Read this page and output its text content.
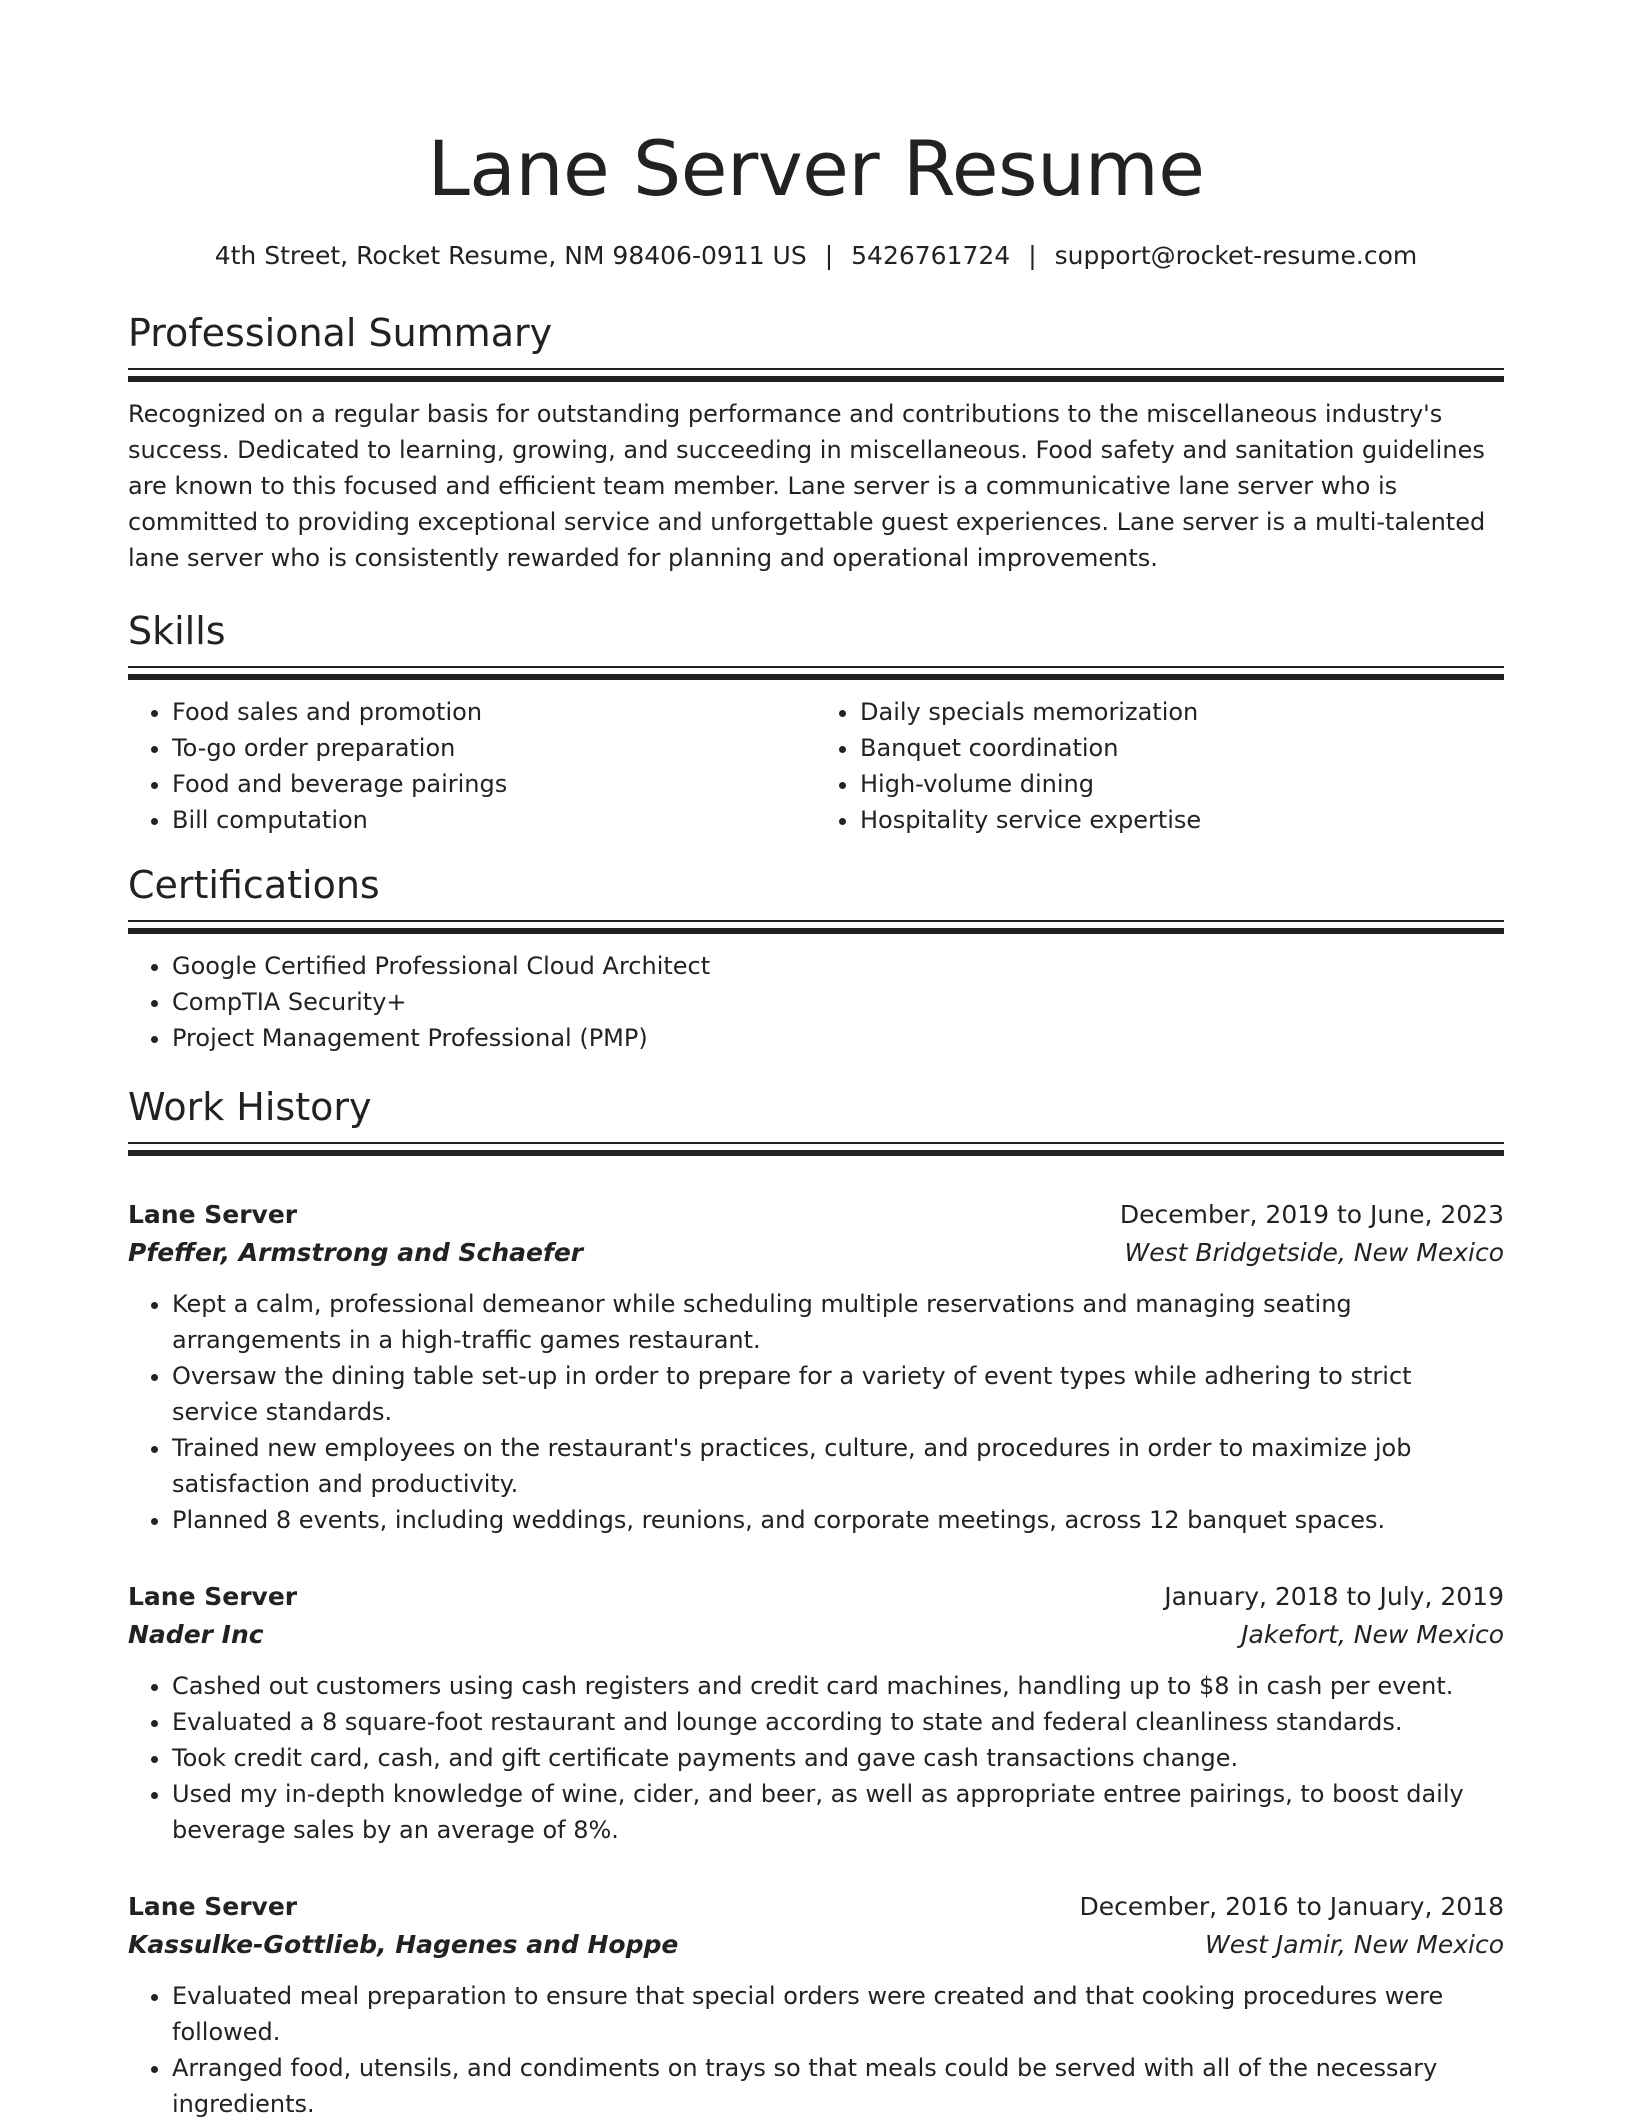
Lane Server Resume
4th Street, Rocket Resume, NM 98406-0911 US | 5426761724 | support@rocket-resume.com
Professional Summary

Recognized on a regular basis for outstanding performance and contributions to the miscellaneous industry's success. Dedicated to learning, growing, and succeeding in miscellaneous. Food safety and sanitation guidelines are known to this focused and efficient team member. Lane server is a communicative lane server who is committed to providing exceptional service and unforgettable guest experiences. Lane server is a multi-talented lane server who is consistently rewarded for planning and operational improvements.

Skills
• Food sales and promotion
• To-go order preparation
• Food and beverage pairings
• Bill computation
• Daily specials memorization
• Banquet coordination
• High-volume dining
• Hospitality service expertise
Certifications
• Google Certified Professional Cloud Architect
• CompTIA Security+
• Project Management Professional (PMP)
Work History
Lane Server	December, 2019 to June, 2023
Pfeffer, Armstrong and Schaefer	West Bridgetside, New Mexico
• Kept a calm, professional demeanor while scheduling multiple reservations and managing seating arrangements in a high-traffic games restaurant.
• Oversaw the dining table set-up in order to prepare for a variety of event types while adhering to strict service standards.
• Trained new employees on the restaurant's practices, culture, and procedures in order to maximize job satisfaction and productivity.
• Planned 8 events, including weddings, reunions, and corporate meetings, across 12 banquet spaces.
Lane Server	January, 2018 to July, 2019
Nader Inc	Jakefort, New Mexico
• Cashed out customers using cash registers and credit card machines, handling up to $8 in cash per event.
• Evaluated a 8 square-foot restaurant and lounge according to state and federal cleanliness standards.
• Took credit card, cash, and gift certificate payments and gave cash transactions change.
• Used my in-depth knowledge of wine, cider, and beer, as well as appropriate entree pairings, to boost daily beverage sales by an average of 8%.
Lane Server	December, 2016 to January, 2018
Kassulke-Gottlieb, Hagenes and Hoppe	West Jamir, New Mexico
• Evaluated meal preparation to ensure that special orders were created and that cooking procedures were followed.
• Arranged food, utensils, and condiments on trays so that meals could be served with all of the necessary ingredients.
